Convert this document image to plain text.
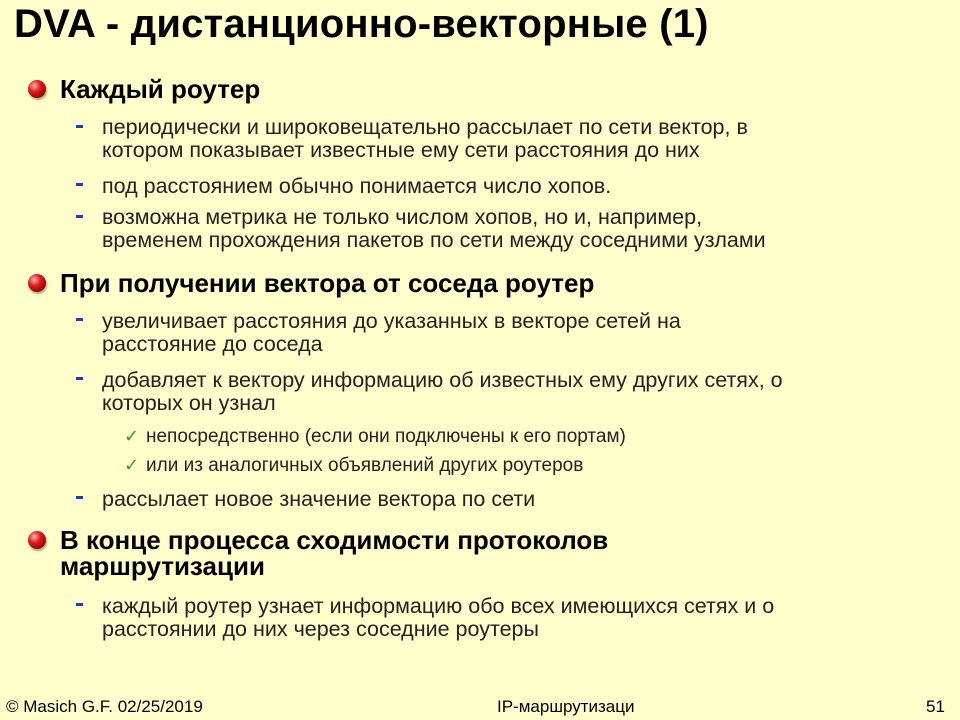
DVA - дистанционно-векторные (1)
Каждый роутер
периодически и широковещательно рассылает по сети вектор, в
котором показывает известные ему сети расстояния до них
под расстоянием обычно понимается число хопов.
возможна метрика не только числом хопов, но и, например,
временем прохождения пакетов по сети между соседними узлами
При получении вектора от соседа роутер
увеличивает расстояния до указанных в векторе сетей на
расстояние до соседа
добавляет к вектору информацию об известных ему других сетях, о
которых он узнал
✓ непосредственно (если они подключены к его портам)
✓ или из аналогичных объявлений других роутеров
рассылает новое значение вектора по сети
В конце процесса сходимости протоколов
маршрутизации
каждый роутер узнает информацию обо всех имеющихся сетях и о
расстоянии до них через соседние роутеры
© Masich G.F. 02/25/2019	IP-маршрутизаци	51
